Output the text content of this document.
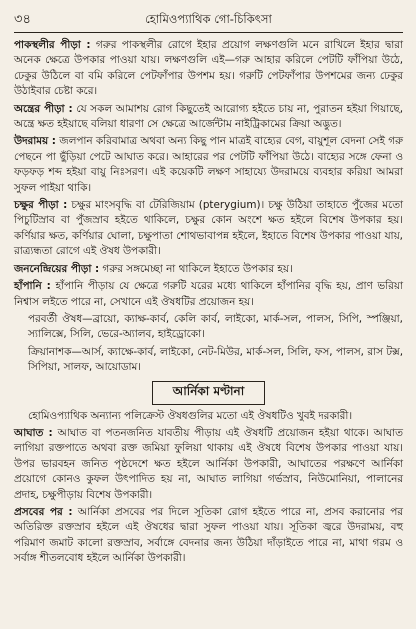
৩৪	হোমিওপ্যাথিক গো-চিকিৎসা

পাকস্থলীর পীড়া : গরুর পাকস্থলীর রোগে ইহার প্রয়োগ লক্ষণগুলি মনে রাখিলে ইহার দ্বারা অনেক ক্ষেত্রে উপকার পাওয়া যায়। লক্ষণগুলি এই—গরু আহার করিলে পেটটি ফাঁপিয়া উঠে, ঢেকুর উঠিলে বা বমি করিলে পেটফাঁপার উপশম হয়। গরুটি পেটফাঁপার উপশমের জন্য ঢেকুর উঠাইবার চেষ্টা করে।

অন্ত্রের পীড়া : যে সকল আমাশয় রোগ কিছুতেই আরোগ্য হইতে চায় না, পুরাতন হইয়া গিয়াছে, অন্ত্রে ক্ষত হইয়াছে বলিয়া ধারণা সে ক্ষেত্রে আর্জেন্টাম নাইট্রিকামের ক্রিয়া অদ্ভুত।

উদরাময় : জলপান করিবামাত্র অথবা অন্য কিছু পান মাত্রই বাহ্যের বেগ, বায়ুশূল বেদনা সেই গরু পেছনে পা ছুঁড়িয়া পেটে আঘাত করে। আহারের পর পেটটি ফাঁপিয়া উঠে। বাহ্যের সঙ্গে ফেনা ও ফড়ফড় শব্দ হইয়া বায়ু নিঃসরণ। এই কয়েকটি লক্ষণ সাহায্যে উদরাময়ে ব্যবহার করিয়া আমরা সুফল পাইয়া থাকি।

চক্ষুর পীড়া : চক্ষুর মাংসবৃদ্ধি বা টেরিজিয়াম (pterygium)। চক্ষু উঠিয়া তাহাতে পুঁজের মতো পিচুটিস্রাব বা পুঁজস্রাব হইতে থাকিলে, চক্ষুর কোন অংশে ক্ষত হইলে বিশেষ উপকার হয়। কর্ণিয়ার ক্ষত, কর্ণিয়ার ঘোলা, চক্ষুপাতা শোথভাবাপন্ন হইলে, ইহাতে বিশেষ উপকার পাওয়া যায়, রাত্র্যন্ধতা রোগে এই ঔষধ উপকারী।

জননেন্দ্রিয়ের পীড়া : গরুর সঙ্গমেচ্ছা না থাকিলে ইহাতে উপকার হয়।

হাঁপানি : হাঁপানি পীড়ায় যে ক্ষেত্রে গরুটি যরের মধ্যে থাকিলে হাঁপানির বৃদ্ধি হয়, প্রাণ ভরিয়া নিশ্বাস লইতে পারে না, সেখানে এই ঔষধটির প্রয়োজন হয়।

পরবর্তী ঔষধ—ব্রায়ো, ক্যাক্ষ-কার্ব, কেলি কার্ব, লাইকো, মার্ক-সল, পালস, সিপি, স্পঞ্জিয়া, স্যালিক্সে, সিলি, ভেরে-অ্যালব, হাইড্রোকো।

ক্রিয়ানাশক—আর্স, ক্যাক্ষে-কার্ব, লাইকো, নেট-মিউর, মার্ক-সল, সিলি, ফস, পালস, রাস টক্স, সিপিয়া, সালফ, আয়োডাম।

আর্নিকা মণ্টানা

হোমিওপ্যাথিক অন্যান্য পলিক্রেস্ট ঔষধগুলির মতো এই ঔষধটিও খুবই দরকারী।

আঘাত : আঘাত বা পতনজনিত যাবতীয় পীড়ায় এই ঔষধটি প্রয়োজন হইয়া থাকে। আঘাত লাগিয়া রক্তপাতে অথবা রক্ত জমিয়া ফুলিয়া থাকায় এই ঔষধে বিশেষ উপকার পাওয়া যায়। উপর ভারবহন জনিত পৃষ্ঠদেশে ক্ষত হইলে আর্নিকা উপকারী, আঘাতের পরক্ষণে আর্নিকা প্রয়োগে কোনও কুফল উৎপাদিত হয় না, আঘাত লাগিয়া গর্ভস্রাব, নিউমোনিয়া, পালানের প্রদাহ, চক্ষুপীড়ায় বিশেষ উপকারী।

প্রসবের পর : আর্নিকা প্রসবের পর দিলে সূতিকা রোগ হইতে পারে না, প্রসব করানোর পর অতিরিক্ত রক্তস্রাব হইলে এই ঔষধের দ্বারা সুফল পাওয়া যায়। সূতিকা জ্বরে উদরাময়, বহু পরিমাণ জমাট কালো রক্তস্রাব, সর্বাঙ্গে বেদনার জন্য উঠিয়া দাঁড়াইতে পারে না, মাথা গরম ও সর্বাঙ্গ শীতলবোধ হইলে আর্নিকা উপকারী।
